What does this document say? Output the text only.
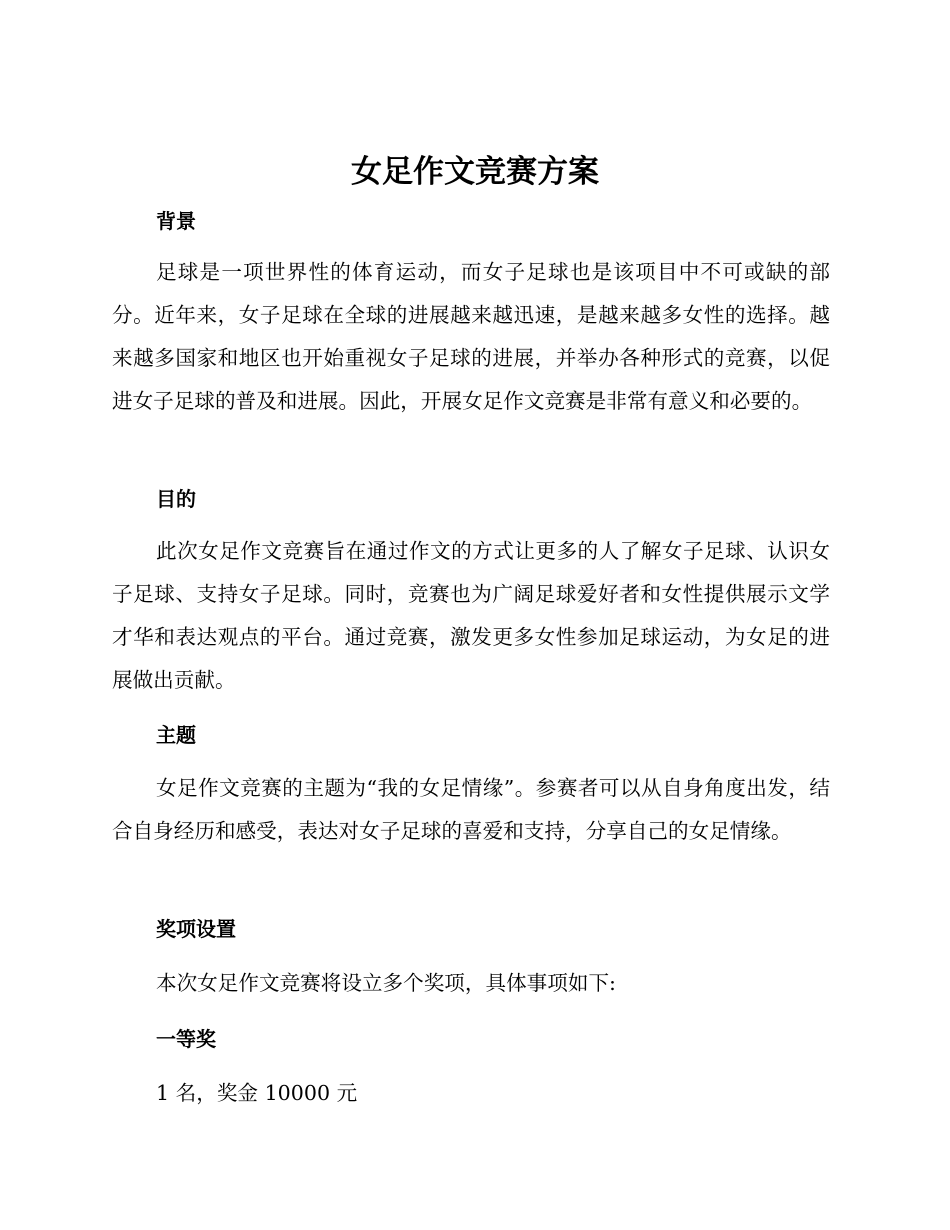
女足作文竞赛方案
背景

足球是一项世界性的体育运动，而女子足球也是该项目中不可或缺的部分。近年来，女子足球在全球的进展越来越迅速，是越来越多女性的选择。越来越多国家和地区也开始重视女子足球的进展，并举办各种形式的竞赛，以促进女子足球的普及和进展。因此，开展女足作文竞赛是非常有意义和必要的。

目的

此次女足作文竞赛旨在通过作文的方式让更多的人了解女子足球、认识女子足球、支持女子足球。同时，竞赛也为广阔足球爱好者和女性提供展示文学才华和表达观点的平台。通过竞赛，激发更多女性参加足球运动，为女足的进展做出贡献。

主题

女足作文竞赛的主题为“我的女足情缘”。参赛者可以从自身角度出发，结合自身经历和感受，表达对女子足球的喜爱和支持，分享自己的女足情缘。

奖项设置

本次女足作文竞赛将设立多个奖项，具体事项如下:

一等奖

1 名，奖金 10000 元
